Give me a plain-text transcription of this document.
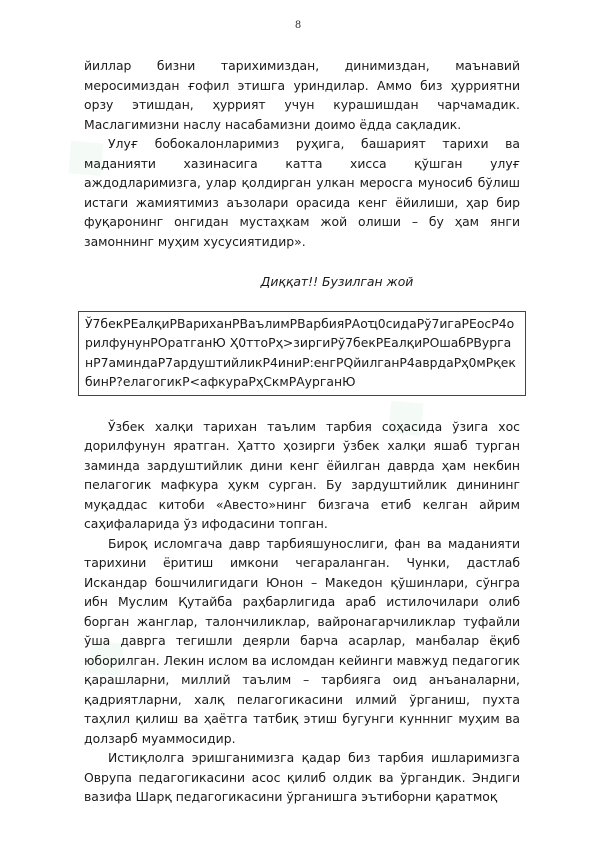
◆
◆
◆
8

йиллар бизни тарихимиздан, динимиздан, маънавий меросимиздан ғофил этишга уриндилар. Аммо биз ҳурриятни орзу этишдан, ҳуррият учун курашишдан чарчамадик. Маслагимизни наслу насабамизни доимо ёдда сақладик.

Улуғ бобокалонларимиз руҳига, башарият тарихи ва маданияти хазинасига катта хисса қўшган улуғ аждодларимизга, улар қолдирган улкан меросга муносиб бўлиш истаги жамиятимиз аъзолари орасида кенг ёйилиши, ҳар бир фуқаронинг онгидан мустаҳкам жой олиши – бу ҳам янги замоннинг муҳим хусусиятидир».

Диққат!! Бузилган жой

Ў7бекРЕалқиРВариханРВаълимРВарбияРАоҵ0сидаРў7игаРЕосР4орилфунунРОратганЮ Ҳ0ттоРҳ>зиргиРў7бекРЕалқиРОшабРВурганР7аминдаР7ардуштийликР4иниР:енгРQйилганР4аврдаРҳ0мРқекбинР?елагогикР<афкураРҳСкмРАурганЮ

Ўзбек халқи тарихан таълим тарбия соҳасида ўзига хос дорилфунун яратган. Ҳатто ҳозирги ўзбек халқи яшаб турган заминда зардуштийлик дини кенг ёйилган даврда ҳам некбин пелагогик мафкура ҳукм сурган. Бу зардуштийлик динининг муқаддас китоби «Авесто»нинг бизгача етиб келган айрим саҳифаларида ўз ифодасини топган.

Бироқ исломгача давр тарбияшунослиги, фан ва маданияти тарихини ёритиш имкони чегараланган. Чунки, дастлаб Искандар бошчилигидаги Юнон – Македон қўшинлари, сўнгра ибн Муслим Қутайба раҳбарлигида араб истилочилари олиб борган жанглар, талончиликлар, вайронагарчиликлар туфайли ўша даврга тегишли деярли барча асарлар, манбалар ёқиб юборилган. Лекин ислом ва исломдан кейинги мавжуд педагогик қарашларни, миллий таълим – тарбияга оид анъаналарни, қадриятларни, халқ пелагогикасини илмий ўрганиш, пухта таҳлил қилиш ва ҳаётга татбиқ этиш бугунги куннниг муҳим ва долзарб муаммосидир.

Истиқлолга эришганимизга қадар биз тарбия ишларимизга Оврупа педагогикасини асос қилиб олдик ва ўргандик. Эндиги вазифа Шарқ педагогикасини ўрганишга эътиборни қаратмоқ
